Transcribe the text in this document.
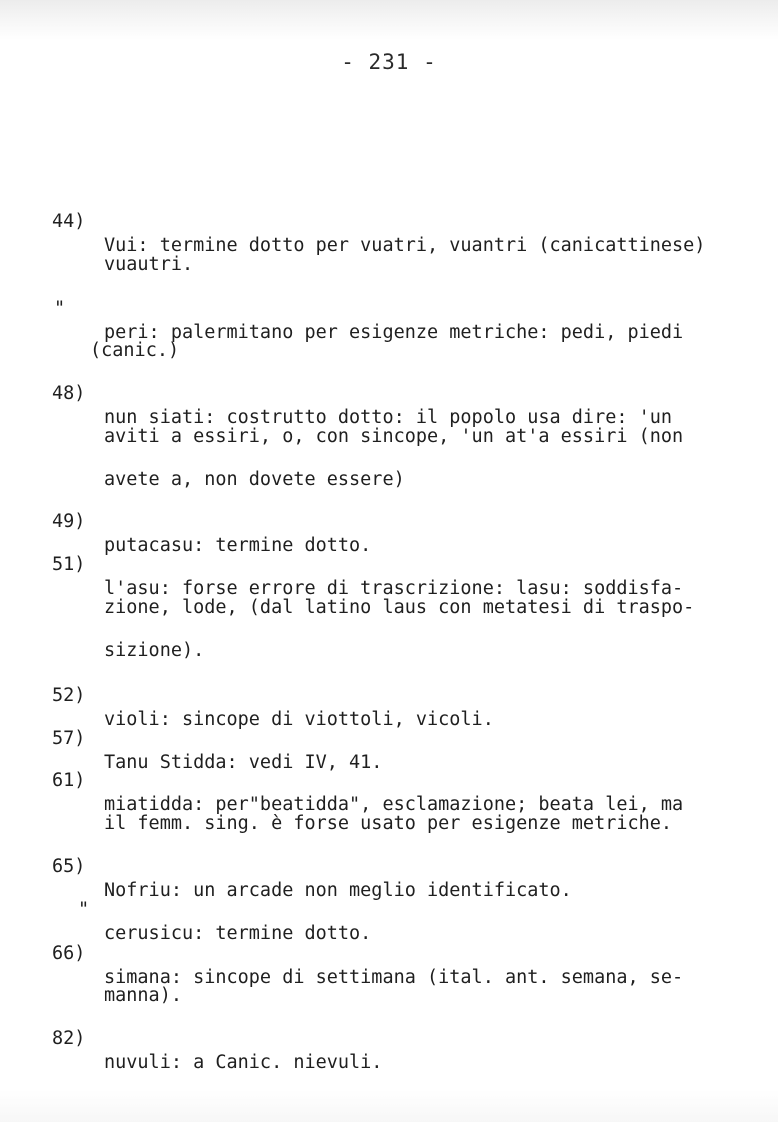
- 231 -

44)

Vui: termine dotto per vuatri, vuantri (canicattinese)

vuautri.

"

peri: palermitano per esigenze metriche: pedi, piedi

(canic.)

48)

nun siati: costrutto dotto: il popolo usa dire: 'un

aviti a essiri, o, con sincope, 'un at'a essiri (non

avete a, non dovete essere)

49)

putacasu: termine dotto.

51)

l'asu: forse errore di trascrizione: lasu: soddisfa-

zione, lode, (dal latino laus con metatesi di traspo-

sizione).

52)

violi: sincope di viottoli, vicoli.

57)

Tanu Stidda: vedi IV, 41.

61)

miatidda: per"beatidda", esclamazione; beata lei, ma

il femm. sing. è forse usato per esigenze metriche.

65)

Nofriu: un arcade non meglio identificato.

"

cerusicu: termine dotto.

66)

simana: sincope di settimana (ital. ant. semana, se-

manna).

82)

nuvuli: a Canic. nievuli.
